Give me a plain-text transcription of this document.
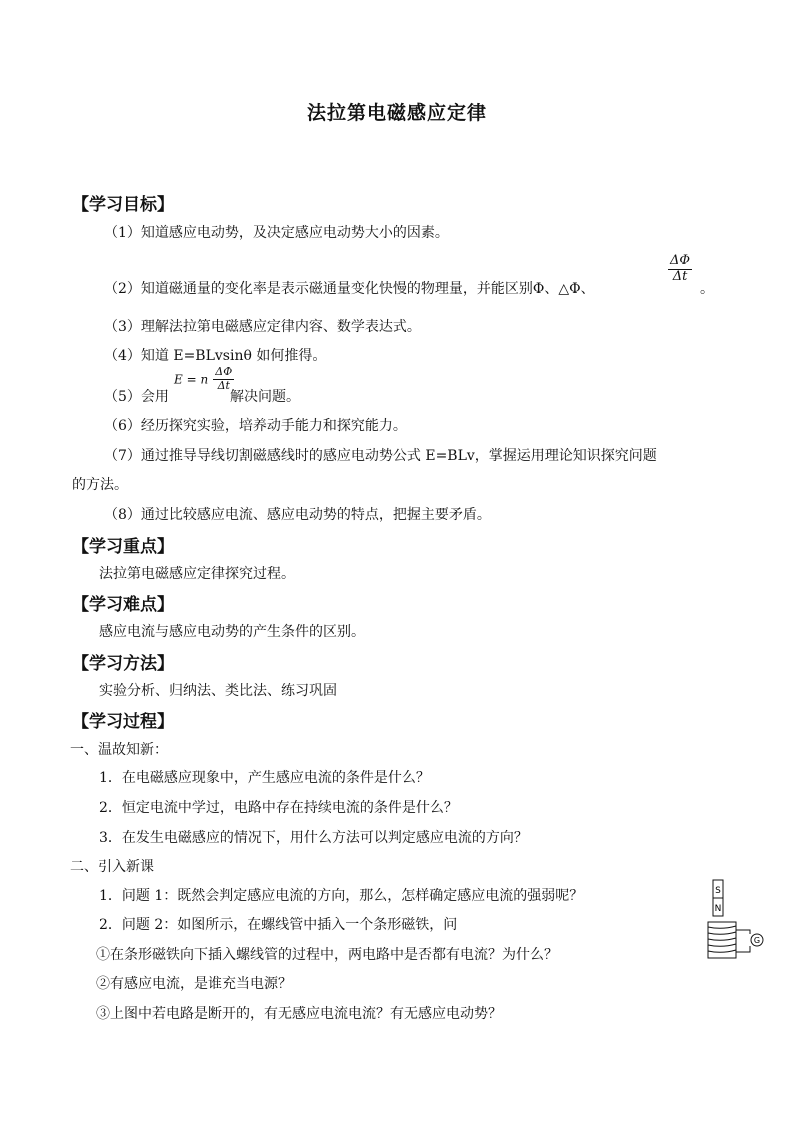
法拉第电磁感应定律
【学习目标】
（1）知道感应电动势，及决定感应电动势大小的因素。
$\frac{\Delta\Phi}{\Delta t}$
（2）知道磁通量的变化率是表示磁通量变化快慢的物理量，并能区别Φ、△Φ、	。
（3）理解法拉第电磁感应定律内容、数学表达式。
（4）知道 E=BLvsinθ 如何推得。
（5）会用
E = n $\frac{\Delta\Phi}{\Delta t}$
解决问题。
（6）经历探究实验，培养动手能力和探究能力。
（7）通过推导导线切割磁感线时的感应电动势公式 E=BLv，掌握运用理论知识探究问题
的方法。
（8）通过比较感应电流、感应电动势的特点，把握主要矛盾。
【学习重点】
法拉第电磁感应定律探究过程。
【学习难点】
感应电流与感应电动势的产生条件的区别。
【学习方法】
实验分析、归纳法、类比法、练习巩固
【学习过程】
一、温故知新：
1．在电磁感应现象中，产生感应电流的条件是什么？
2．恒定电流中学过，电路中存在持续电流的条件是什么？
3．在发生电磁感应的情况下，用什么方法可以判定感应电流的方向？
二、引入新课
1．问题 1：既然会判定感应电流的方向，那么，怎样确定感应电流的强弱呢？
2．问题 2：如图所示，在螺线管中插入一个条形磁铁，问
①在条形磁铁向下插入螺线管的过程中，两电路中是否都有电流？为什么？
②有感应电流，是谁充当电源？
③上图中若电路是断开的，有无感应电流电流？有无感应电动势？
S
N
G
